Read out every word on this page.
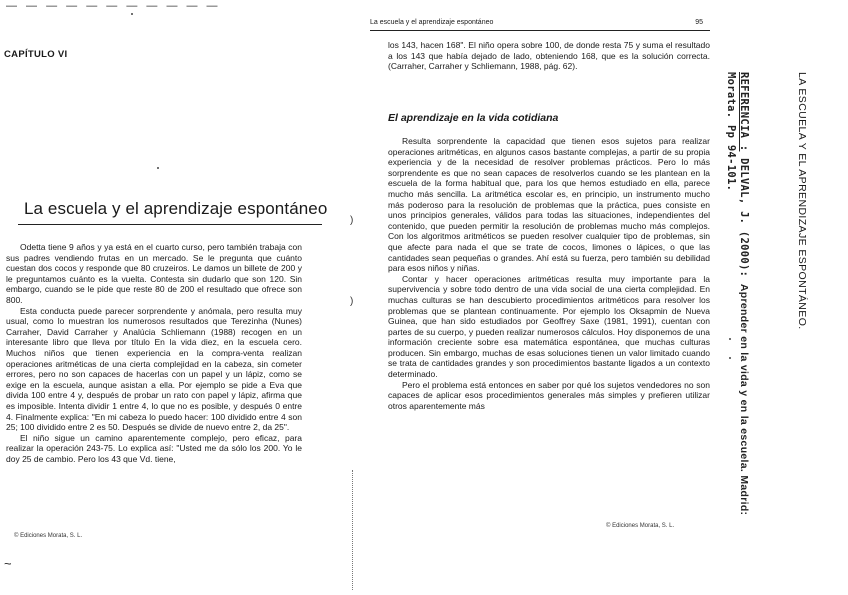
— — — — — — — — — — —
CAPÍTULO VI
La escuela y el aprendizaje espontáneo

Odetta tiene 9 años y ya está en el cuarto curso, pero también trabaja con sus padres vendiendo frutas en un mercado. Se le pregunta que cuánto cuestan dos cocos y responde que 80 cruzeiros. Le damos un billete de 200 y le preguntamos cuánto es la vuelta. Contesta sin dudarlo que son 120. Sin embargo, cuando se le pide que reste 80 de 200 el resultado que ofrece son 800.

Esta conducta puede parecer sorprendente y anómala, pero resulta muy usual, como lo muestran los numerosos resultados que Terezinha (Nunes) Carraher, David Carraher y Analúcia Schliemann (1988) recogen en un interesante libro que lleva por título En la vida diez, en la escuela cero. Muchos niños que tienen experiencia en la compra-venta realizan operaciones aritméticas de una cierta complejidad en la cabeza, sin cometer errores, pero no son capaces de hacerlas con un papel y un lápiz, como se exige en la escuela, aunque asistan a ella. Por ejemplo se pide a Eva que divida 100 entre 4 y, después de probar un rato con papel y lápiz, afirma que es imposible. Intenta dividir 1 entre 4, lo que no es posible, y después 0 entre 4. Finalmente explica: "En mi cabeza lo puedo hacer: 100 dividido entre 4 son 25; 100 dividido entre 2 es 50. Después se divide de nuevo entre 2, da 25".

El niño sigue un camino aparentemente complejo, pero eficaz, para realizar la operación 243-75. Lo explica así: "Usted me da sólo los 200. Yo le doy 25 de cambio. Pero los 43 que Vd. tiene,

© Ediciones Morata, S. L.
~
)
)
La escuela y el aprendizaje espontáneo	95

los 143, hacen 168". El niño opera sobre 100, de donde resta 75 y suma el resultado a los 143 que había dejado de lado, obteniendo 168, que es la solución correcta. (Carraher, Carraher y Schliemann, 1988, pág. 62).

El aprendizaje en la vida cotidiana

Resulta sorprendente la capacidad que tienen esos sujetos para realizar operaciones aritméticas, en algunos casos bastante complejas, a partir de su propia experiencia y de la necesidad de resolver problemas prácticos. Pero lo más sorprendente es que no sean capaces de resolverlos cuando se les plantean en la escuela de la forma habitual que, para los que hemos estudiado en ella, parece mucho más sencilla. La aritmética escolar es, en principio, un instrumento mucho más poderoso para la resolución de problemas que la práctica, pues consiste en unos principios generales, válidos para todas las situaciones, independientes del contenido, que pueden permitir la resolución de problemas mucho más complejos. Con los algoritmos aritméticos se pueden resolver cualquier tipo de problemas, sin que afecte para nada el que se trate de cocos, limones o lápices, o que las cantidades sean pequeñas o grandes. Ahí está su fuerza, pero también su debilidad para esos niños y niñas.

Contar y hacer operaciones aritméticas resulta muy importante para la supervivencia y sobre todo dentro de una vida social de una cierta complejidad. En muchas culturas se han descubierto procedimientos aritméticos para resolver los problemas que se plantean continuamente. Por ejemplo los Oksapmin de Nueva Guinea, que han sido estudiados por Geoffrey Saxe (1981, 1991), cuentan con partes de su cuerpo, y pueden realizar numerosos cálculos. Hoy disponemos de una información creciente sobre esa matemática espontánea, que muchas culturas producen. Sin embargo, muchas de esas soluciones tienen un valor limitado cuando se trata de cantidades grandes y son procedimientos bastante ligados a un contexto determinado.

Pero el problema está entonces en saber por qué los sujetos vendedores no son capaces de aplicar esos procedimientos generales más simples y prefieren utilizar otros aparentemente más

© Ediciones Morata, S. L.
LA ESCUELA Y EL APRENDIZAJE ESPONTÁNEO.
REFERENCIA : DELVAL, J. (2000): Aprender en la vida y en la escuela. Madrid:
Morata. Pp 94-101.
